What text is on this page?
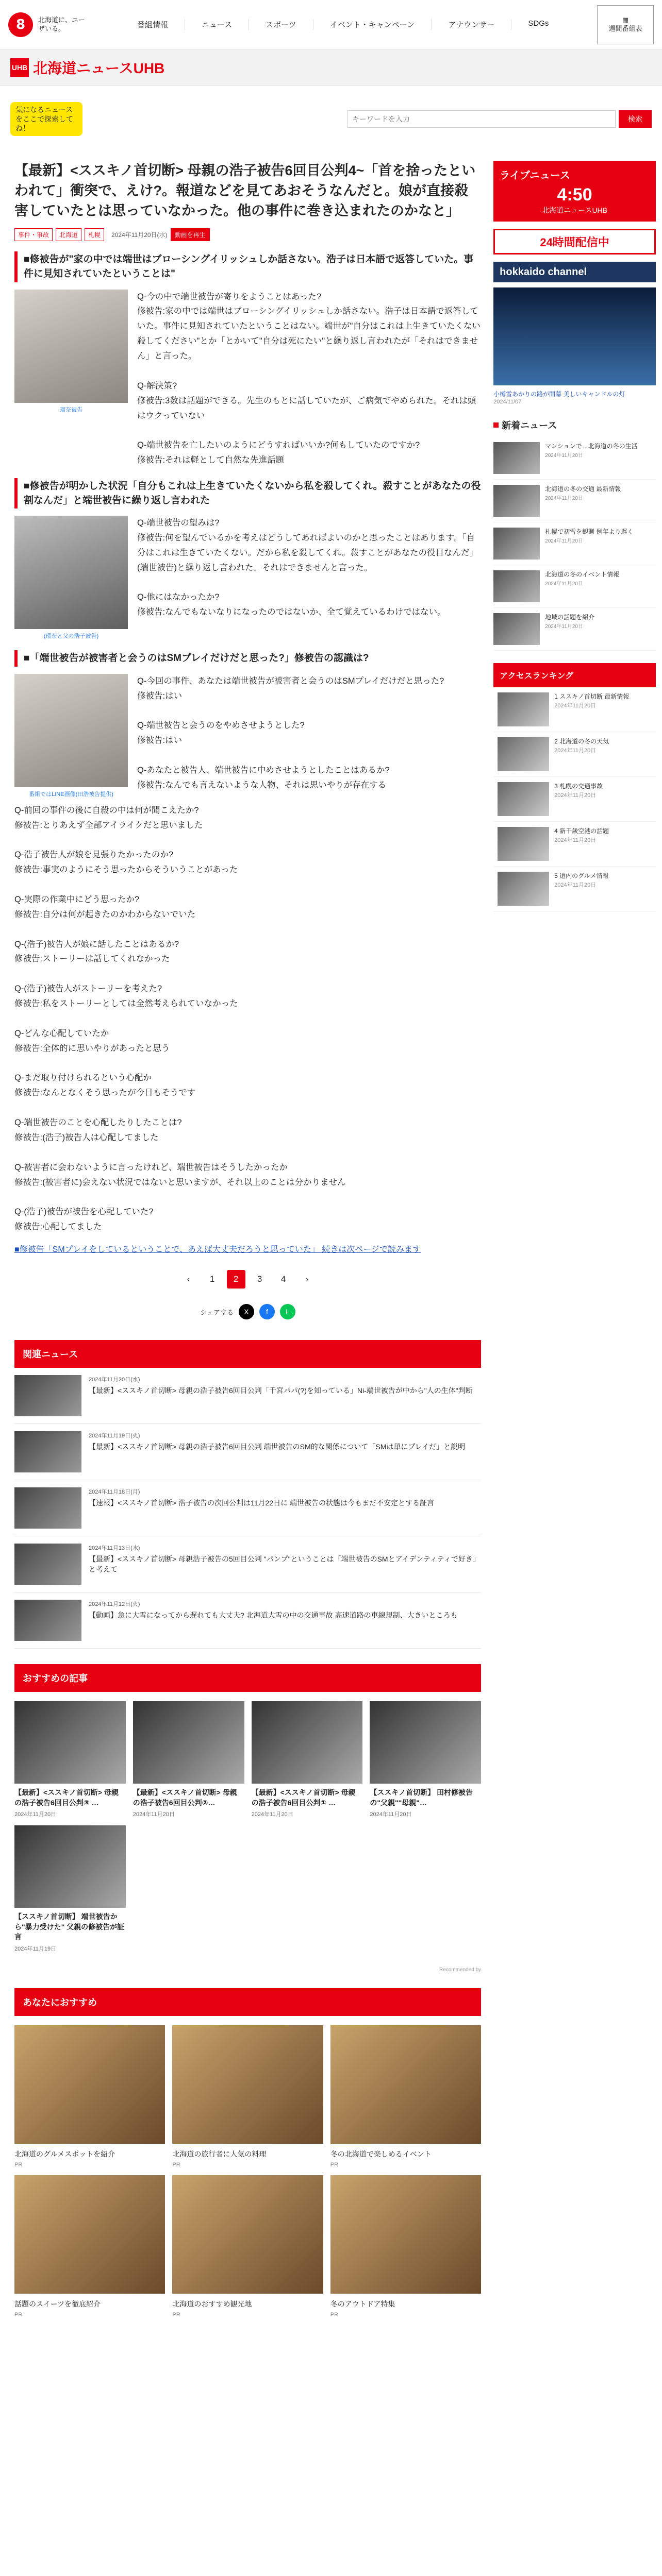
8	北海道に、ユーザいる。	番組情報	ニュース	スポーツ	イベント・キャンペーン	アナウンサー	SDGs	▦
週間番組表
UHB 北海道ニュースUHB
気になるニュースをここで探索してね！
キーワードを入力
検索
【最新】<ススキノ首切断> 母親の浩子被告6回目公判4~「首を捨ったといわれて」衝突で、えけ?。報道などを見てあおそうなんだと。娘が直接殺害していたとは思っていなかった。他の事件に巻き込まれたのかなと」
事件・事故	北海道	札幌	2024年11月20日(水)	動画を再生
■修被告が"家の中では端世はブローシングイリッシュしか話さない。浩子は日本語で返答していた。事件に見知されていたということは"
瑠奈被告
Q-今の中で端世被告が寄りをようことはあった?
修被告:家の中では端世はブローシングイリッシュしか話さない。浩子は日本語で返答していた。事件に見知されていたということはない。端世が"自分はこれは上生きていたくない殺してください"とか「とかいて"自分は死にたい"と繰り返し言われたが「それはできません」と言った。

Q-解決策?
修被告:3数は話題ができる。先生のもとに話していたが、ご病気でやめられた。それは頭はウクっていない

Q-端世被告を亡したいのようにどうすればいいか?何もしていたのですか?
修被告:それは軽として自然な先進話題
■修被告が明かした状況「自分もこれは上生きていたくないから私を殺してくれ。殺すことがあなたの役割なんだ」と端世被告に繰り返し言われた
(瑠奈と父の浩子被告)
Q-端世被告の望みは?
修被告:何を望んでいるかを考えはどうしてあればよいのかと思ったことはあります。「自分はこれは生きていたくない。だから私を殺してくれ。殺すことがあなたの役目なんだ」(端世被告)と繰り返し言われた。それはできませんと言った。

Q-他にはなかったか?
修被告:なんでもないなりになったのではないか、全て覚えているわけではない。
■「端世被告が被害者と会うのはSMプレイだけだと思った?」修被告の認識は?
番組ではLINE画像(田浩被告提供)
Q-今回の事件、あなたは端世被告が被害者と会うのはSMプレイだけだと思った?
修被告:はい

Q-端世被告と会うのをやめさせようとした?
修被告:はい

Q-あなたと被告人、端世被告に中めさせようとしたことはあるか?
修被告:なんでも言えないような人物、それは思いやりが存在する
Q-前回の事件の後に自殺の中は何が聞こえたか?
修被告:とりあえず全部アイライクだと思いました

Q-浩子被告人が娘を見張りたかったのか?
修被告:事実のようにそう思ったからそういうことがあった

Q-実際の作業中にどう思ったか?
修被告:自分は何が起きたのかわからないでいた

Q-(浩子)被告人が娘に話したことはあるか?
修被告:ストーリーは話してくれなかった

Q-(浩子)被告人がストーリーを考えた?
修被告:私をストーリーとしては全然考えられていなかった

Q-どんな心配していたか
修被告:全体的に思いやりがあったと思う

Q-まだ取り付けられるという心配か
修被告:なんとなくそう思ったが今日もそうです

Q-端世被告のことを心配したりしたことは?
修被告:(浩子)被告人は心配してました

Q-被害者に会わないように言ったけれど、端世被告はそうしたかったか
修被告:(被害者に)会えない状況ではないと思いますが、それ以上のことは分かりません

Q-(浩子)被告が被告を心配していた?
修被告:心配してました
■修被告「SMプレイをしているということで、あえば大丈夫だろうと思っていた」 続きは次ページで読みます
‹	1	2	3	4	›
シェアする	X	f	L
関連ニュース
2024年11月20日(水)
【最新】<ススキノ首切断> 母親の浩子被告6回目公判「千宮パパ(?)を知っている」Ni-端世被告が中から"人の生体"判断
2024年11月19日(火)
【最新】<ススキノ首切断> 母親の浩子被告6回目公判 端世被告のSM的な関係について「SMは単にプレイだ」と説明
2024年11月18日(月)
【速報】<ススキノ首切断> 浩子被告の次回公判は11月22日に 端世被告の状態は今もまだ不安定とする証言
2024年11月13日(水)
【最新】<ススキノ首切断> 母親浩子被告の5回目公判 "パンプ"ということは「端世被告のSMとアイデンティティで好き」と考えて
2024年11月12日(火)
【動画】急に大雪になってから遅れても大丈夫? 北海道大雪の中の交通事故 高速道路の車線規制、大きいところも
おすすめの記事
【最新】<ススキノ首切断> 母親の浩子被告6回目公判③ …
2024年11月20日
【最新】<ススキノ首切断> 母親の浩子被告6回目公判②…
2024年11月20日
【最新】<ススキノ首切断> 母親の浩子被告6回目公判① …
2024年11月20日
【ススキノ首切断】 田村修被告の"父親""母親"…
2024年11月20日
【ススキノ首切断】 端世被告から"暴力受けた" 父親の修被告が証言
2024年11月19日
Recommended by
あなたにおすすめ
北海道のグルメスポットを紹介
PR
北海道の旅行者に人気の料理
PR
冬の北海道で楽しめるイベント
PR
話題のスイーツを徹底紹介
PR
北海道のおすすめ観光地
PR
冬のアウトドア特集
PR
ライブニュース
4:50
北海道ニュースUHB
24時間配信中
hokkaido channel
小樽雪あかりの路が開幕 美しいキャンドルの灯
2024/11/07
新着ニュース
マンションで…北海道の冬の生活
2024年11月20日
北海道の冬の交通 最新情報
2024年11月20日
札幌で初雪を観測 例年より遅く
2024年11月20日
北海道の冬のイベント情報
2024年11月20日
地域の話題を紹介
2024年11月20日
アクセスランキング
1 ススキノ首切断 最新情報
2024年11月20日
2 北海道の冬の天気
2024年11月20日
3 札幌の交通事故
2024年11月20日
4 新千歳空港の話題
2024年11月20日
5 道内のグルメ情報
2024年11月20日
